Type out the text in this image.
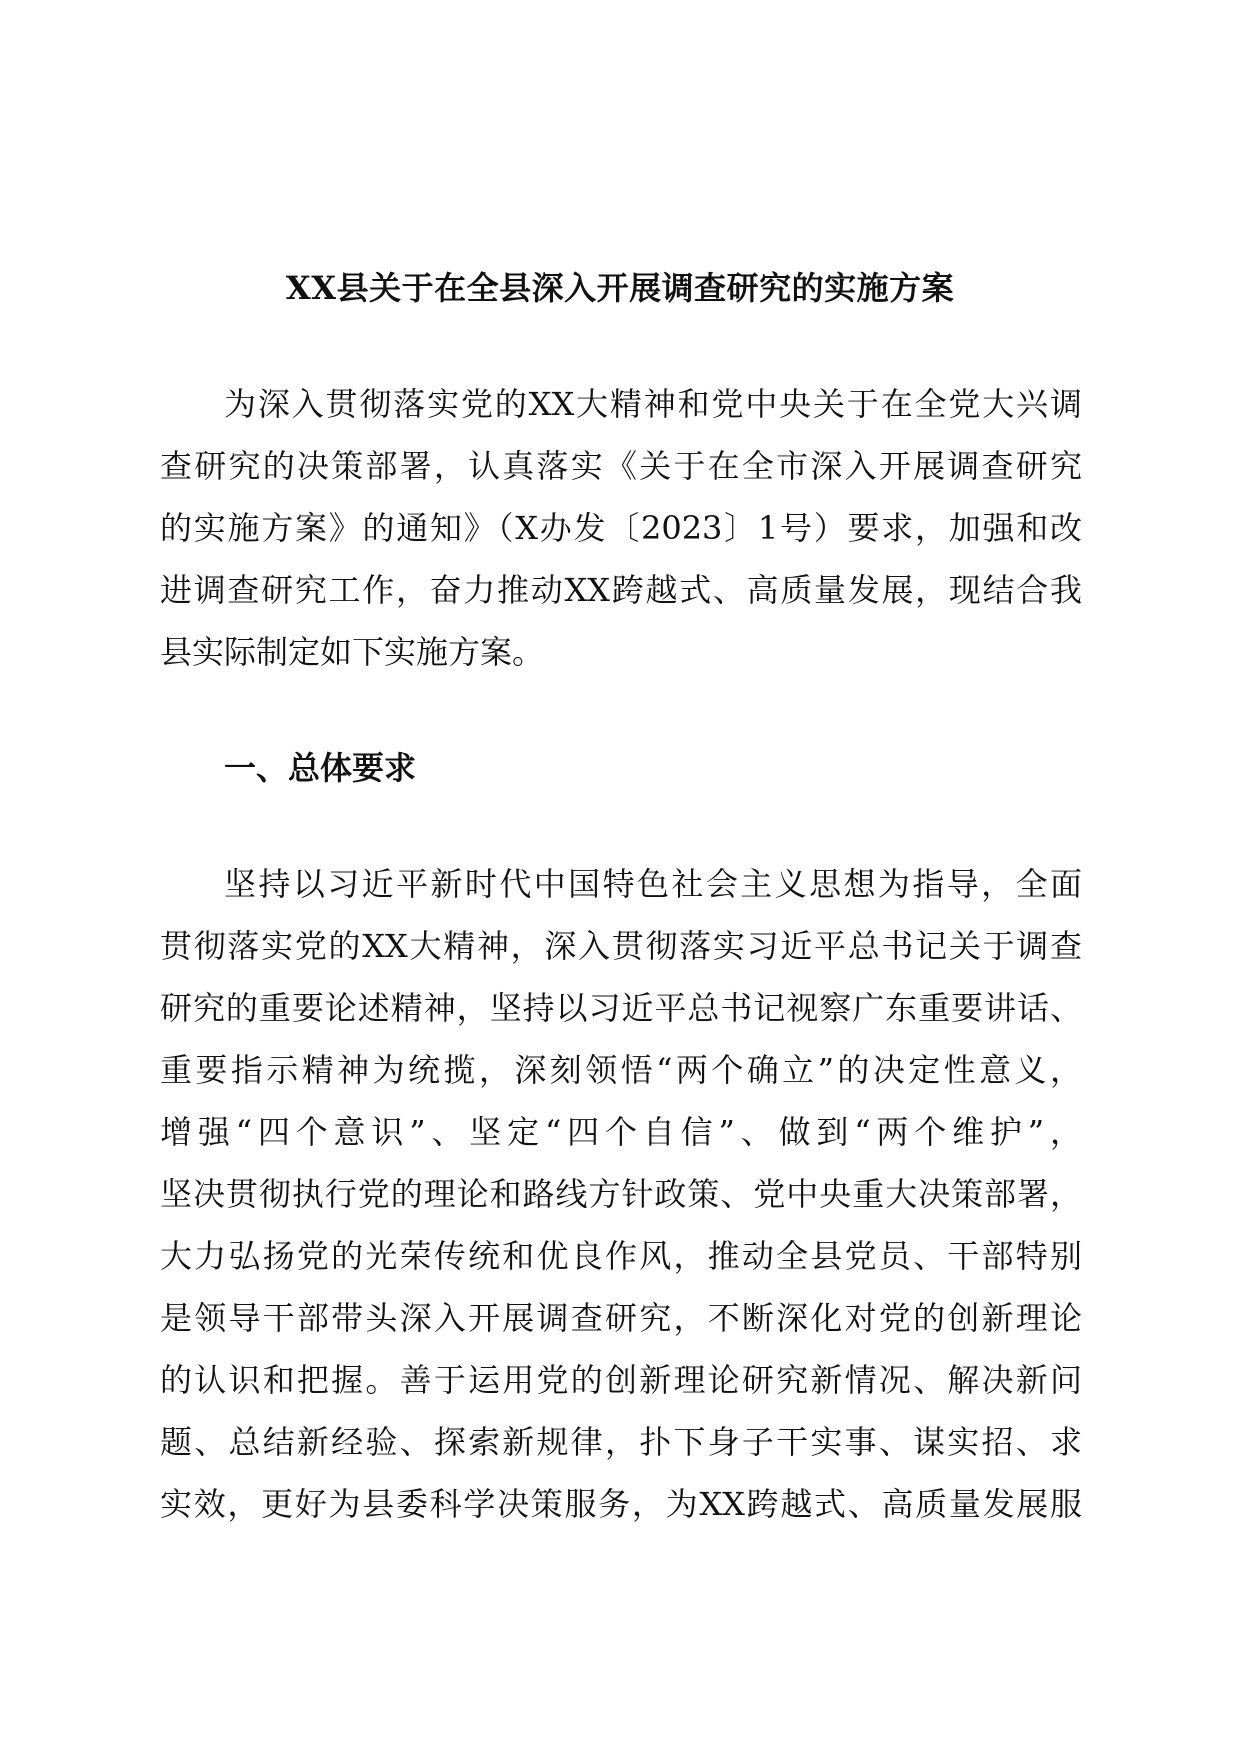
XX县关于在全县深入开展调查研究的实施方案

为深入贯彻落实党的XX大精神和党中央关于在全党大兴调

查研究的决策部署，认真落实《关于在全市深入开展调查研究

的实施方案》的通知》（X办发〔2023〕1号）要求，加强和改

进调查研究工作，奋力推动XX跨越式、高质量发展，现结合我

县实际制定如下实施方案。

一、总体要求

坚持以习近平新时代中国特色社会主义思想为指导，全面

贯彻落实党的XX大精神，深入贯彻落实习近平总书记关于调查

研究的重要论述精神，坚持以习近平总书记视察广东重要讲话、

重要指示精神为统揽，深刻领悟“两个确立”的决定性意义，

增强“四个意识”、坚定“四个自信”、做到“两个维护”，

坚决贯彻执行党的理论和路线方针政策、党中央重大决策部署，

大力弘扬党的光荣传统和优良作风，推动全县党员、干部特别

是领导干部带头深入开展调查研究，不断深化对党的创新理论

的认识和把握。善于运用党的创新理论研究新情况、解决新问

题、总结新经验、探索新规律，扑下身子干实事、谋实招、求

实效，更好为县委科学决策服务，为XX跨越式、高质量发展服
